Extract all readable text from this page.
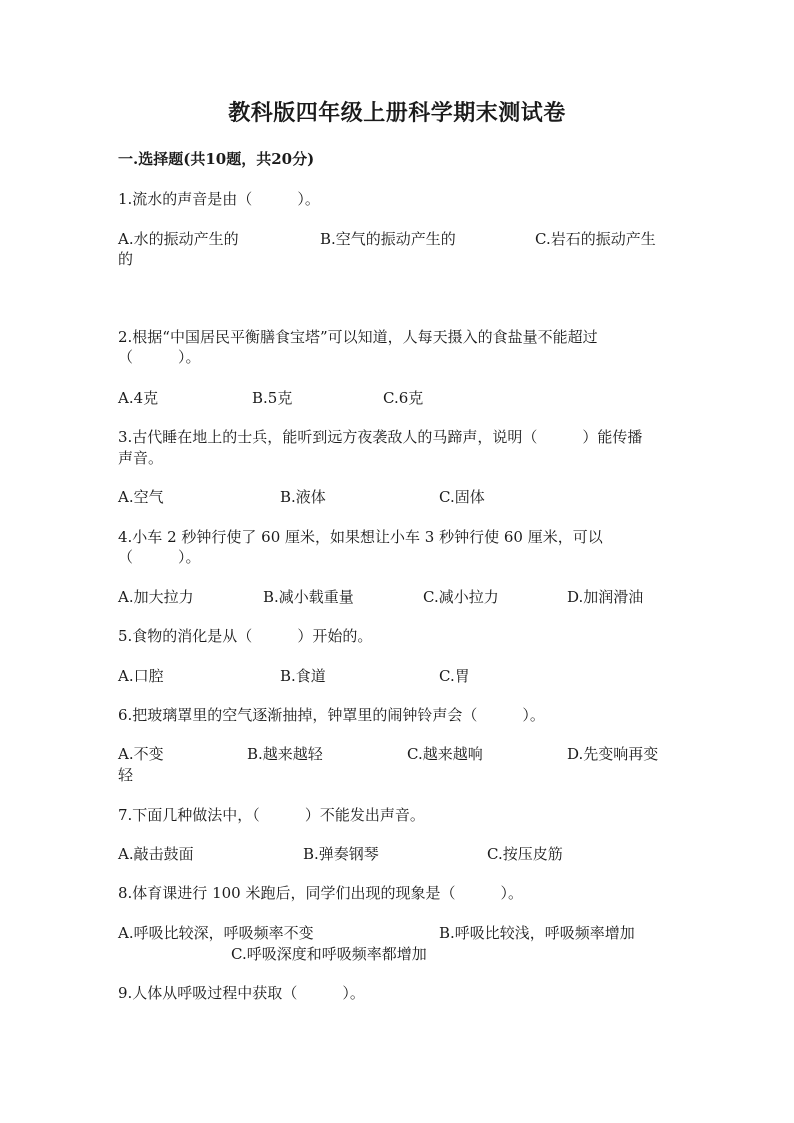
教科版四年级上册科学期末测试卷
一.选择题(共10题，共20分)
1.流水的声音是由（　　　）。
A.水的振动产生的	B.空气的振动产生的	C.岩石的振动产生
的
2.根据“中国居民平衡膳食宝塔”可以知道，人每天摄入的食盐量不能超过
（　　　）。
A.4克	B.5克	C.6克
3.古代睡在地上的士兵，能听到远方夜袭敌人的马蹄声，说明（　　　）能传播
声音。
A.空气	B.液体	C.固体
4.小车 2 秒钟行使了 60 厘米，如果想让小车 3 秒钟行使 60 厘米，可以
（　　　）。
A.加大拉力	B.减小载重量	C.减小拉力	D.加润滑油
5.食物的消化是从（　　　）开始的。
A.口腔	B.食道	C.胃
6.把玻璃罩里的空气逐渐抽掉，钟罩里的闹钟铃声会（　　　）。
A.不变	B.越来越轻	C.越来越响	D.先变响再变
轻
7.下面几种做法中，（　　　）不能发出声音。
A.敲击鼓面	B.弹奏钢琴	C.按压皮筋
8.体育课进行 100 米跑后，同学们出现的现象是（　　　）。
A.呼吸比较深，呼吸频率不变	B.呼吸比较浅，呼吸频率增加
C.呼吸深度和呼吸频率都增加
9.人体从呼吸过程中获取（　　　）。
